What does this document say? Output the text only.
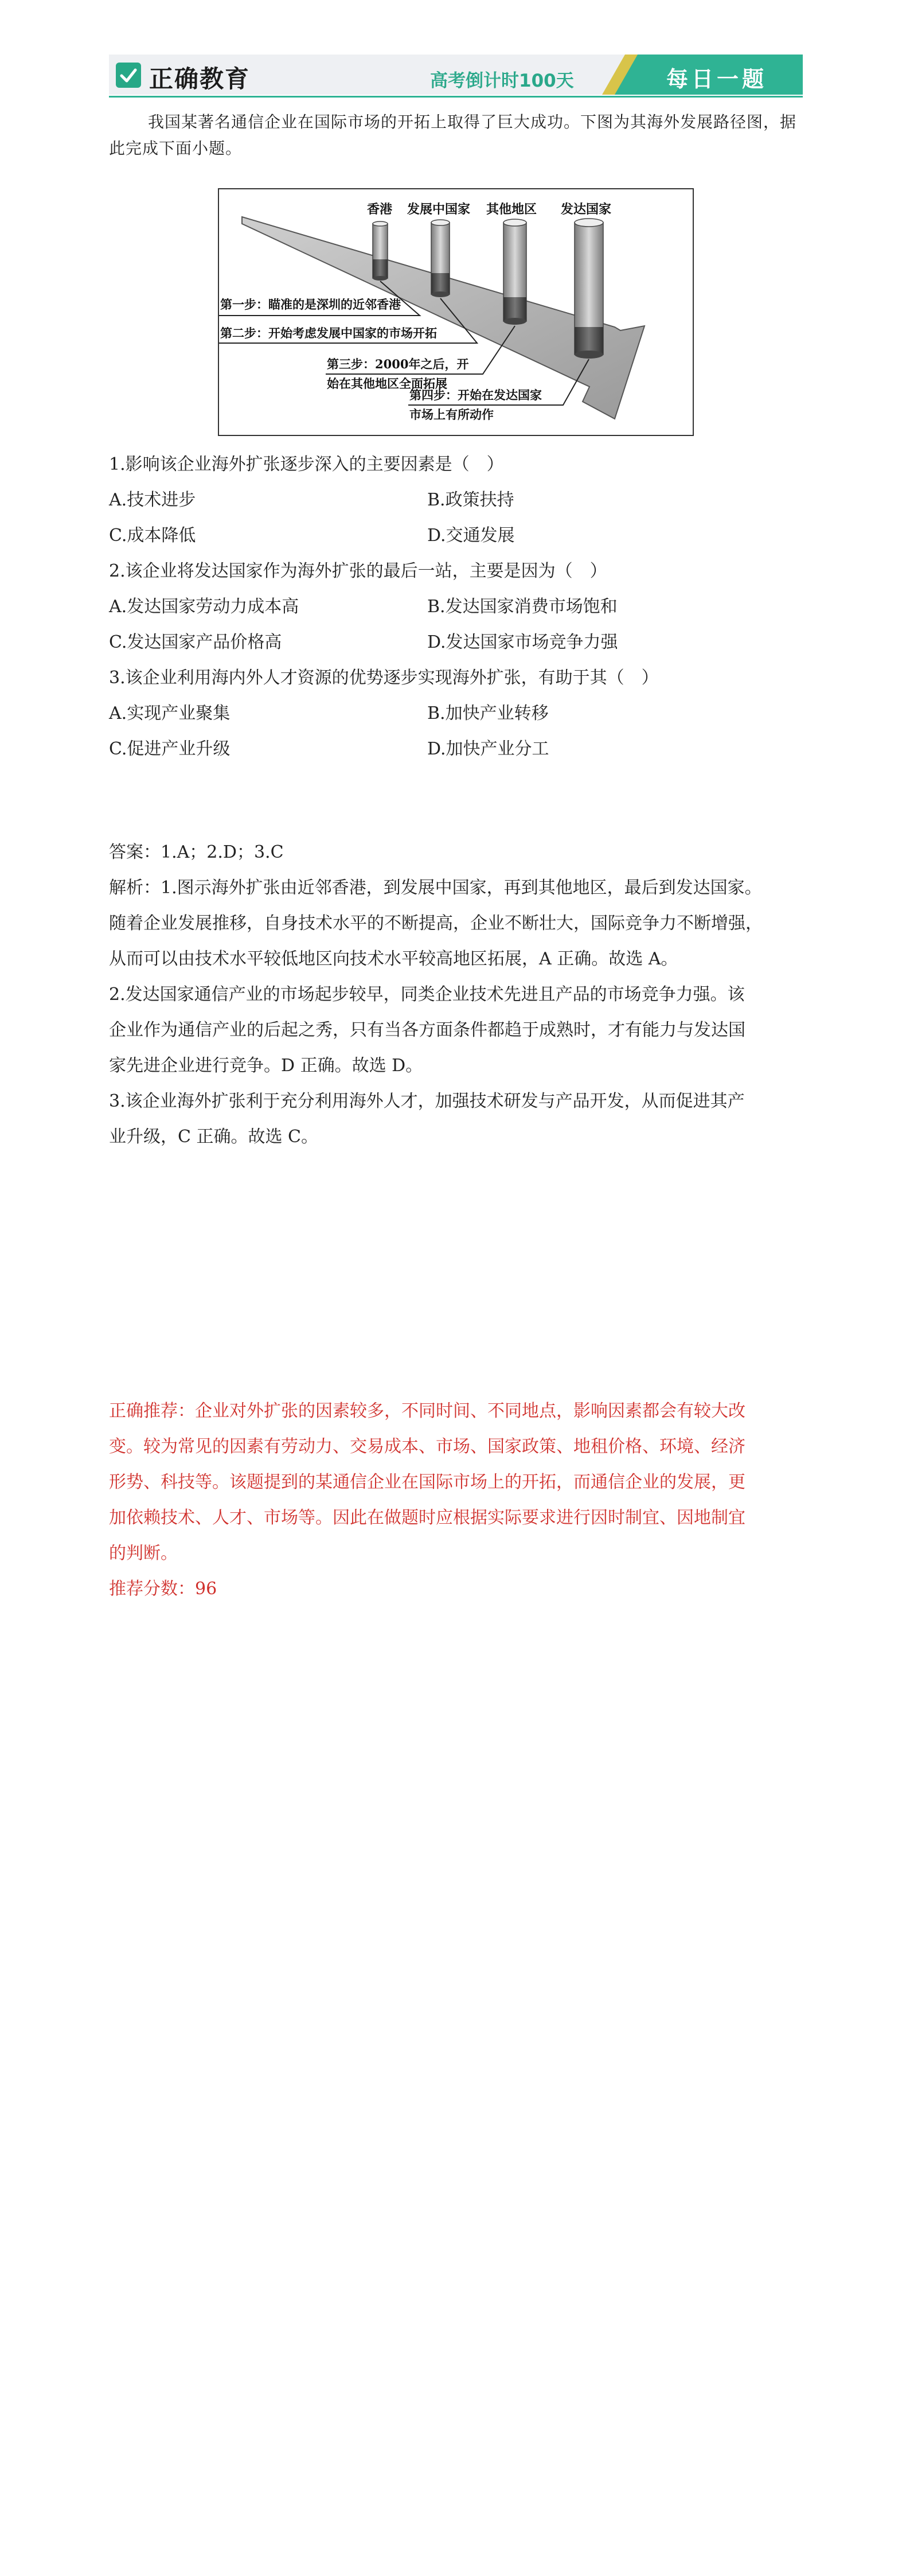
正确教育	高考倒计时100天	每日一题
我国某著名通信企业在国际市场的开拓上取得了巨大成功。下图为其海外发展路径图，据此完成下面小题。
香港 发展中国家 其他地区 发达国家
第一步：瞄准的是深圳的近邻香港
第二步：开始考虑发展中国家的市场开拓
第三步：2000年之后，开
始在其他地区全面拓展
第四步：开始在发达国家
市场上有所动作
1.影响该企业海外扩张逐步深入的主要因素是（　）
A.技术进步	B.政策扶持
C.成本降低	D.交通发展
2.该企业将发达国家作为海外扩张的最后一站，主要是因为（　）
A.发达国家劳动力成本高	B.发达国家消费市场饱和
C.发达国家产品价格高	D.发达国家市场竞争力强
3.该企业利用海内外人才资源的优势逐步实现海外扩张，有助于其（　）
A.实现产业聚集	B.加快产业转移
C.促进产业升级	D.加快产业分工
答案：1.A；2.D；3.C
解析：1.图示海外扩张由近邻香港，到发展中国家，再到其他地区，最后到发达国家。
随着企业发展推移，自身技术水平的不断提高，企业不断壮大，国际竞争力不断增强，
从而可以由技术水平较低地区向技术水平较高地区拓展，A 正确。故选 A。
2.发达国家通信产业的市场起步较早，同类企业技术先进且产品的市场竞争力强。该
企业作为通信产业的后起之秀，只有当各方面条件都趋于成熟时，才有能力与发达国
家先进企业进行竞争。D 正确。故选 D。
3.该企业海外扩张利于充分利用海外人才，加强技术研发与产品开发，从而促进其产
业升级，C 正确。故选 C。
正确推荐：企业对外扩张的因素较多，不同时间、不同地点，影响因素都会有较大改
变。较为常见的因素有劳动力、交易成本、市场、国家政策、地租价格、环境、经济
形势、科技等。该题提到的某通信企业在国际市场上的开拓，而通信企业的发展，更
加依赖技术、人才、市场等。因此在做题时应根据实际要求进行因时制宜、因地制宜
的判断。
推荐分数：96
